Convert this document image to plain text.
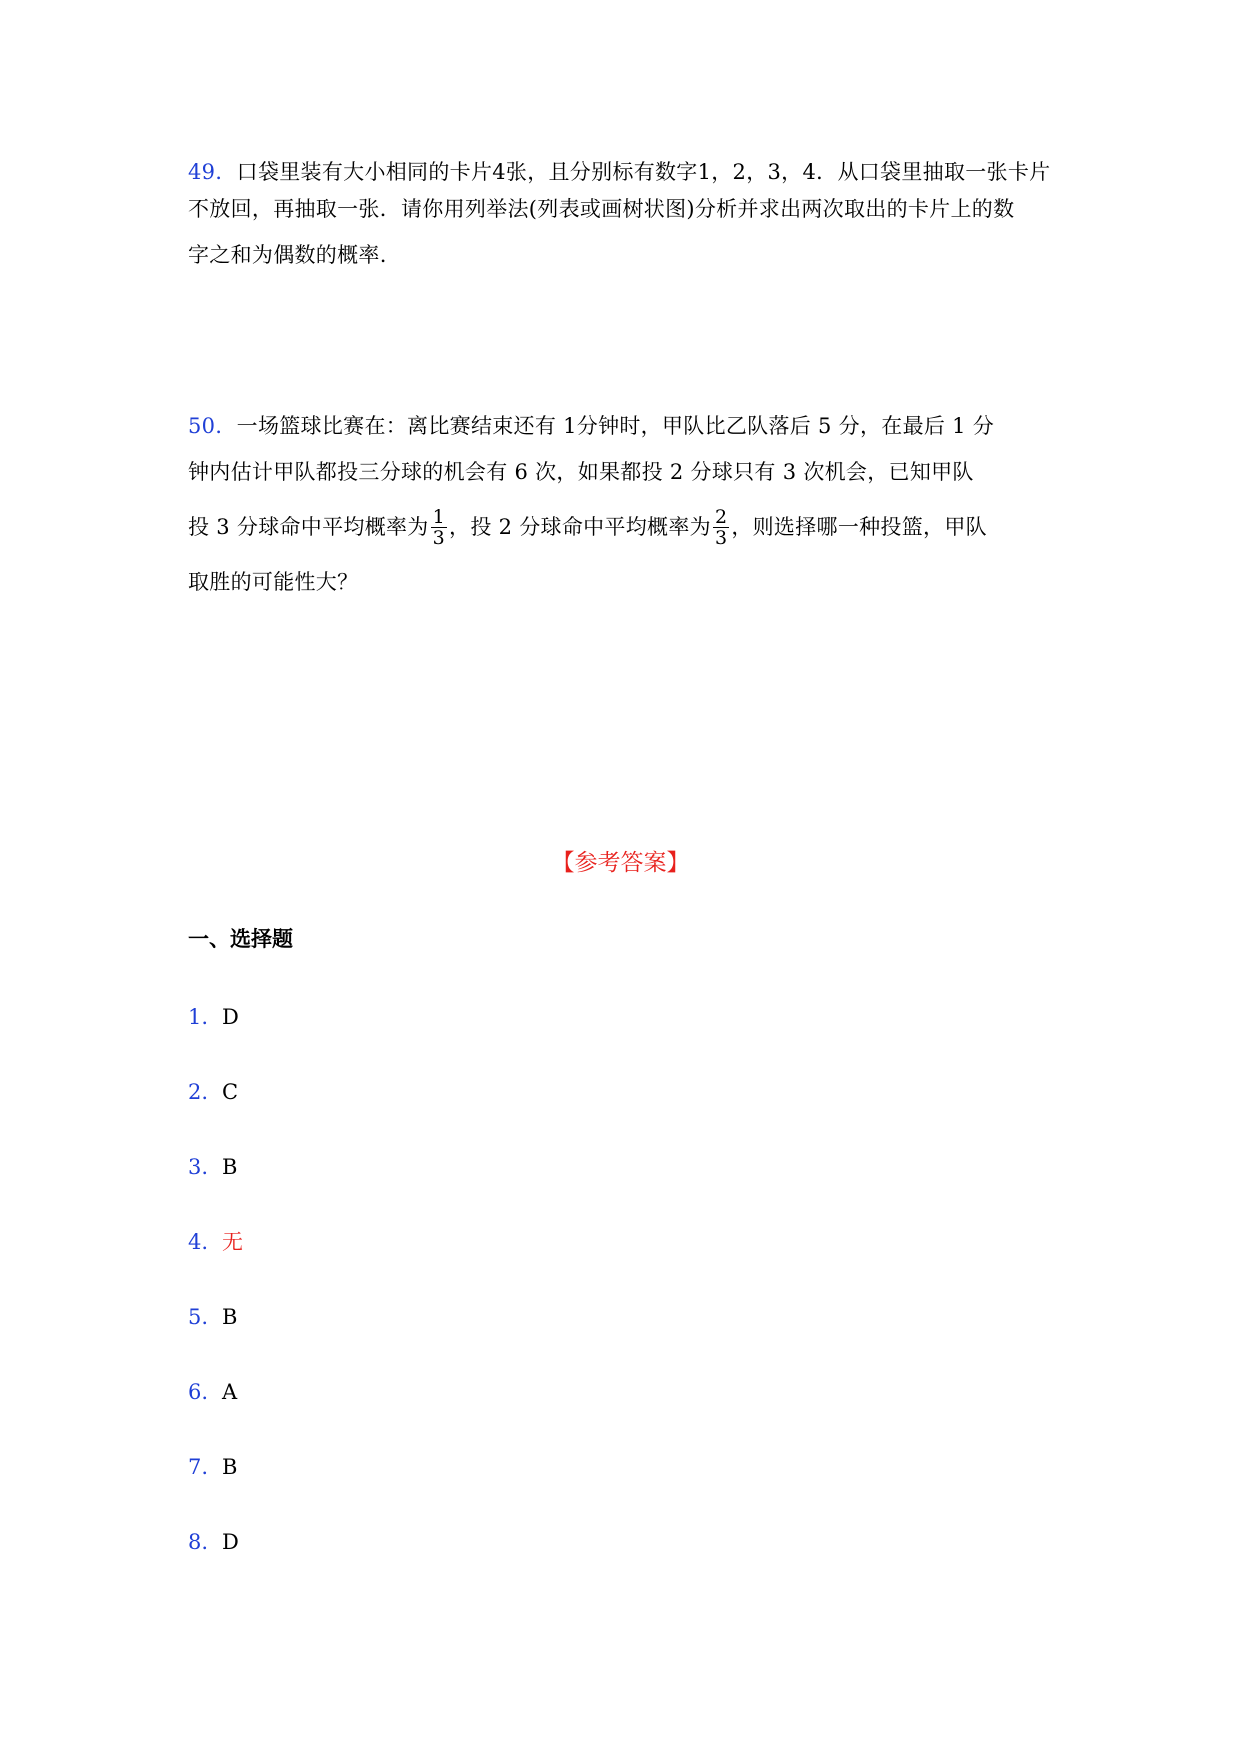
49．口袋里装有大小相同的卡片4张，且分别标有数字1，2，3，4．从口袋里抽取一张卡片
不放回，再抽取一张．请你用列举法(列表或画树状图)分析并求出两次取出的卡片上的数
字之和为偶数的概率.
50．一场篮球比赛在：离比赛结束还有 1分钟时，甲队比乙队落后 5 分，在最后 1 分
钟内估计甲队都投三分球的机会有 6 次，如果都投 2 分球只有 3 次机会，已知甲队
投 3 分球命中平均概率为 $\frac{1}{3}$ ，投 2 分球命中平均概率为 $\frac{2}{3}$ ，则选择哪一种投篮，甲队
取胜的可能性大？
【参考答案】
一、选择题
1. D
2. C
3. B
4. 无
5. B
6. A
7. B
8. D
